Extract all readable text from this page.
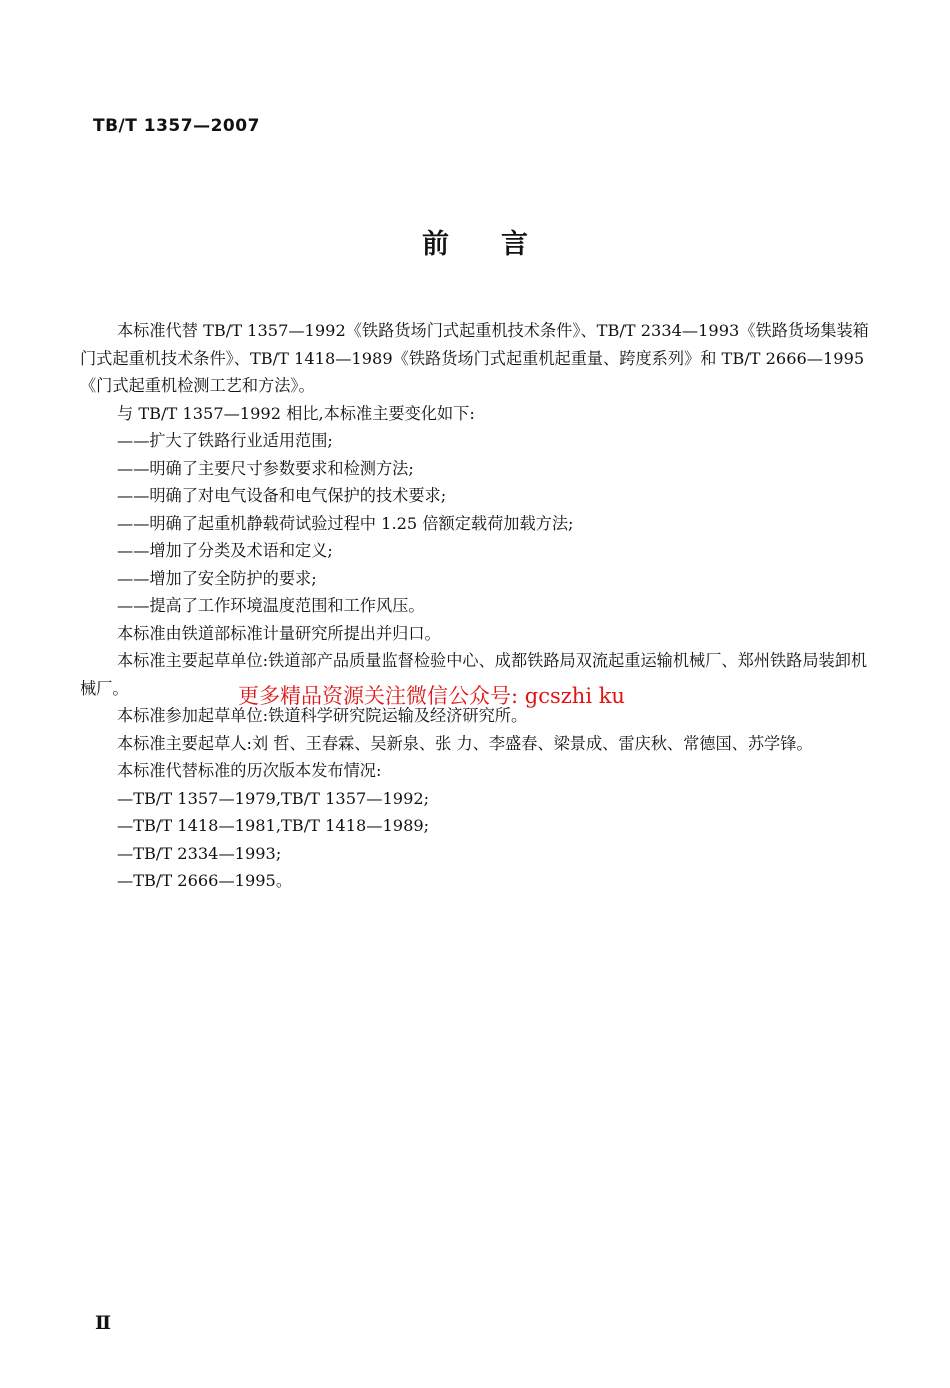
TB/T 1357—2007
前言

本标准代替 TB/T 1357—1992《铁路货场门式起重机技术条件》、TB/T 2334—1993《铁路货场集装箱门式起重机技术条件》、TB/T 1418—1989《铁路货场门式起重机起重量、跨度系列》和 TB/T 2666—1995《门式起重机检测工艺和方法》。

与 TB/T 1357—1992 相比,本标准主要变化如下:

——扩大了铁路行业适用范围;

——明确了主要尺寸参数要求和检测方法;

——明确了对电气设备和电气保护的技术要求;

——明确了起重机静载荷试验过程中 1.25 倍额定载荷加载方法;

——增加了分类及术语和定义;

——增加了安全防护的要求;

——提高了工作环境温度范围和工作风压。

本标准由铁道部标准计量研究所提出并归口。

本标准主要起草单位:铁道部产品质量监督检验中心、成都铁路局双流起重运输机械厂、郑州铁路局装卸机械厂。

本标准参加起草单位:铁道科学研究院运输及经济研究所。

本标准主要起草人:刘 哲、王春霖、吴新泉、张 力、李盛春、梁景成、雷庆秋、常德国、苏学锋。

本标准代替标准的历次版本发布情况:

—TB/T 1357—1979,TB/T 1357—1992;

—TB/T 1418—1981,TB/T 1418—1989;

—TB/T 2334—1993;

—TB/T 2666—1995。

更多精品资源关注微信公众号: gcszhi ku
Ⅱ
